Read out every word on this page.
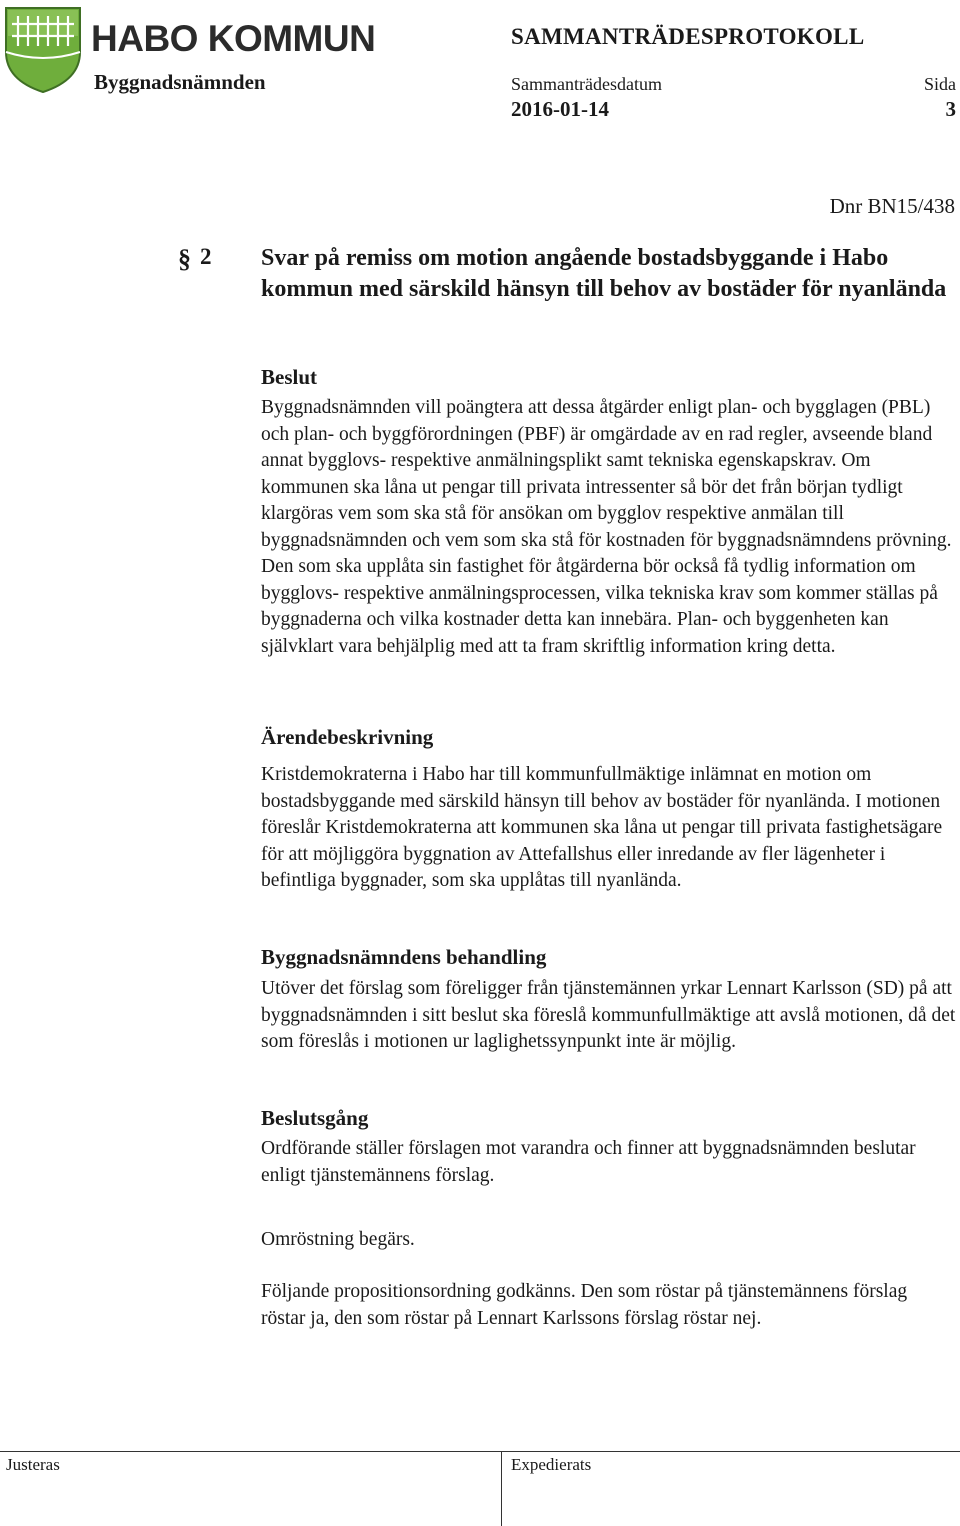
HABO KOMMUN	SAMMANTRÄDESPROTOKOLL
Byggnadsnämnden	Sammanträdesdatum
2016-01-14
Sida
3
Dnr BN15/438
§ 2 Svar på remiss om motion angående bostadsbyggande i Habo kommun med särskild hänsyn till behov av bostäder för nyanlända
Beslut

Byggnadsnämnden vill poängtera att dessa åtgärder enligt plan- och bygglagen (PBL) och plan- och byggförordningen (PBF) är omgärdade av en rad regler, avseende bland annat bygglovs- respektive anmälningsplikt samt tekniska egenskapskrav. Om kommunen ska låna ut pengar till privata intressenter så bör det från början tydligt klargöras vem som ska stå för ansökan om bygglov respektive anmälan till byggnadsnämnden och vem som ska stå för kostnaden för byggnadsnämndens prövning. Den som ska upplåta sin fastighet för åtgärderna bör också få tydlig information om bygglovs- respektive anmälningsprocessen, vilka tekniska krav som kommer ställas på byggnaderna och vilka kostnader detta kan innebära. Plan- och byggenheten kan självklart vara behjälplig med att ta fram skriftlig information kring detta.

Ärendebeskrivning

Kristdemokraterna i Habo har till kommunfullmäktige inlämnat en motion om bostadsbyggande med särskild hänsyn till behov av bostäder för nyanlända. I motionen föreslår Kristdemokraterna att kommunen ska låna ut pengar till privata fastighetsägare för att möjliggöra byggnation av Attefallshus eller inredande av fler lägenheter i befintliga byggnader, som ska upplåtas till nyanlända.

Byggnadsnämndens behandling

Utöver det förslag som föreligger från tjänstemännen yrkar Lennart Karlsson (SD) på att byggnadsnämnden i sitt beslut ska föreslå kommunfullmäktige att avslå motionen, då det som föreslås i motionen ur laglighetssynpunkt inte är möjlig.

Beslutsgång

Ordförande ställer förslagen mot varandra och finner att byggnadsnämnden beslutar enligt tjänstemännens förslag.

Omröstning begärs.

Följande propositionsordning godkänns. Den som röstar på tjänstemännens förslag röstar ja, den som röstar på Lennart Karlssons förslag röstar nej.

Justeras	Expedierats
